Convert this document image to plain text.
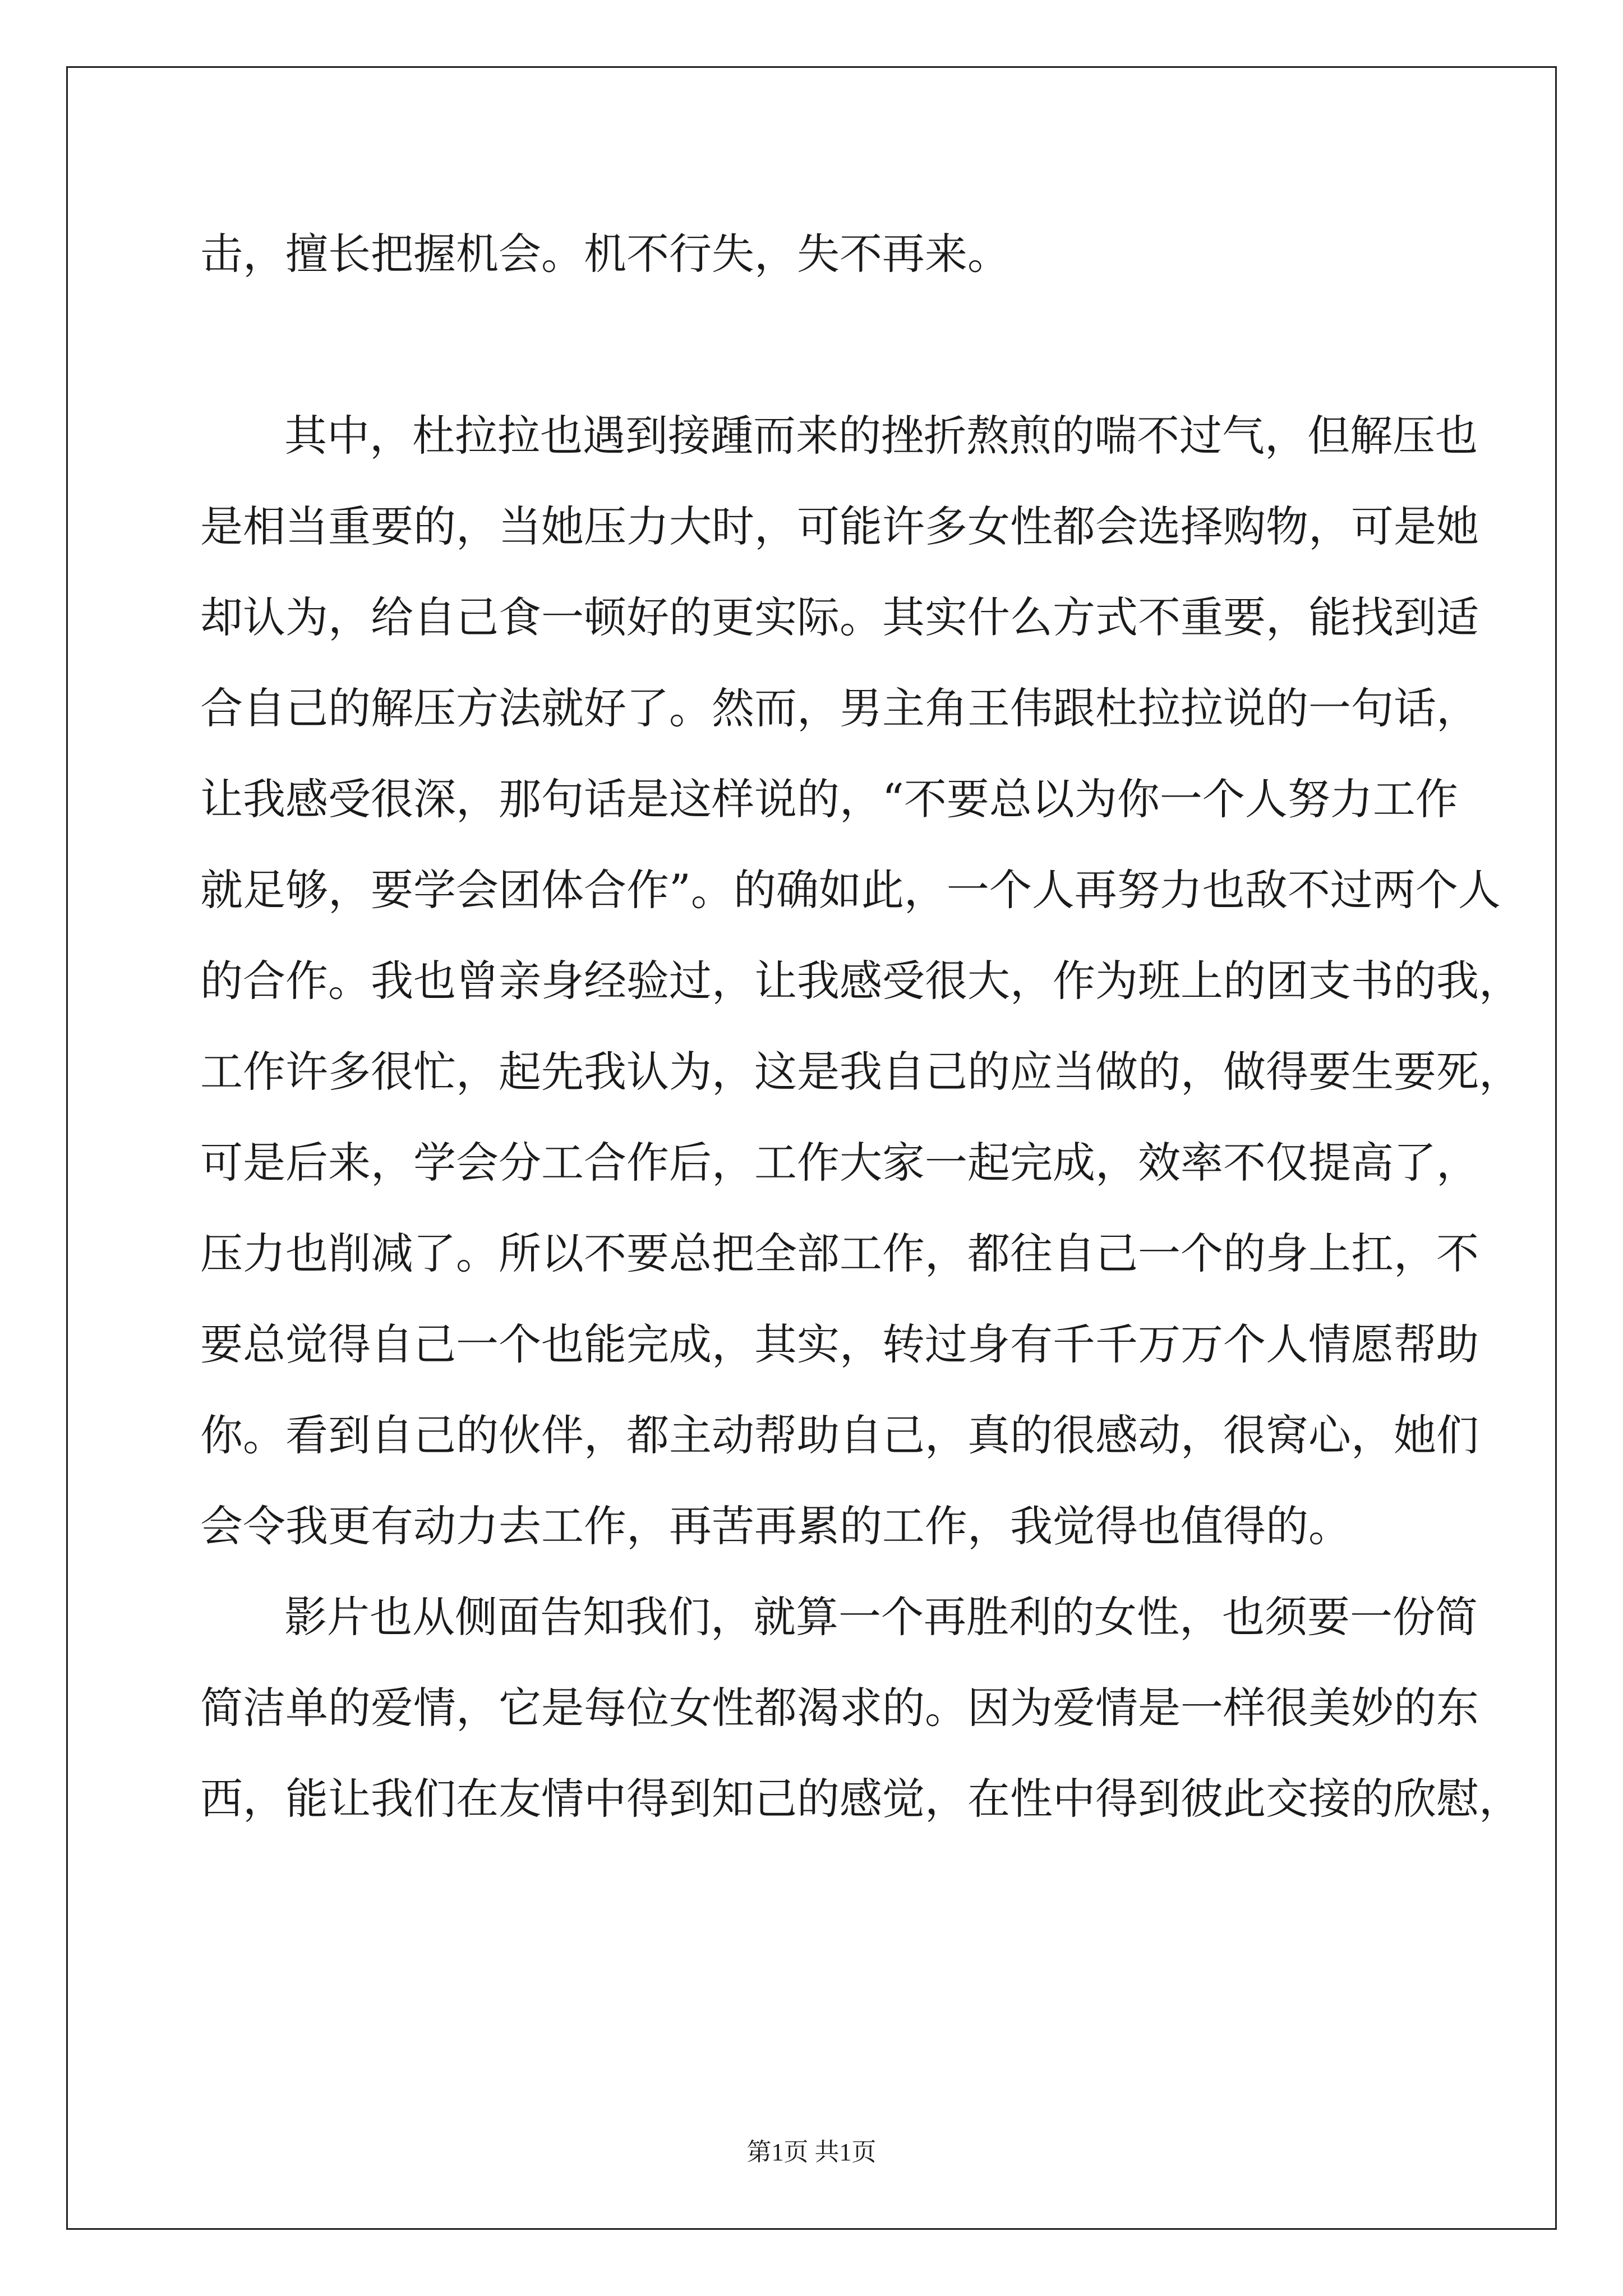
击，擅长把握机会。机不行失，失不再来。
其中，杜拉拉也遇到接踵而来的挫折熬煎的喘不过气，但解压也
是相当重要的，当她压力大时，可能许多女性都会选择购物，可是她
却认为，给自己食一顿好的更实际。其实什么方式不重要，能找到适
合自己的解压方法就好了。然而，男主角王伟跟杜拉拉说的一句话，
让我感受很深，那句话是这样说的，“不要总以为你一个人努力工作
就足够，要学会团体合作”。的确如此，一个人再努力也敌不过两个人
的合作。我也曾亲身经验过，让我感受很大，作为班上的团支书的我，
工作许多很忙，起先我认为，这是我自己的应当做的，做得要生要死，
可是后来，学会分工合作后，工作大家一起完成，效率不仅提高了，
压力也削减了。所以不要总把全部工作，都往自己一个的身上扛，不
要总觉得自己一个也能完成，其实，转过身有千千万万个人情愿帮助
你。看到自己的伙伴，都主动帮助自己，真的很感动，很窝心，她们
会令我更有动力去工作，再苦再累的工作，我觉得也值得的。
影片也从侧面告知我们，就算一个再胜利的女性，也须要一份简
简洁单的爱情，它是每位女性都渴求的。因为爱情是一样很美妙的东
西，能让我们在友情中得到知己的感觉，在性中得到彼此交接的欣慰，
第1页 共1页
